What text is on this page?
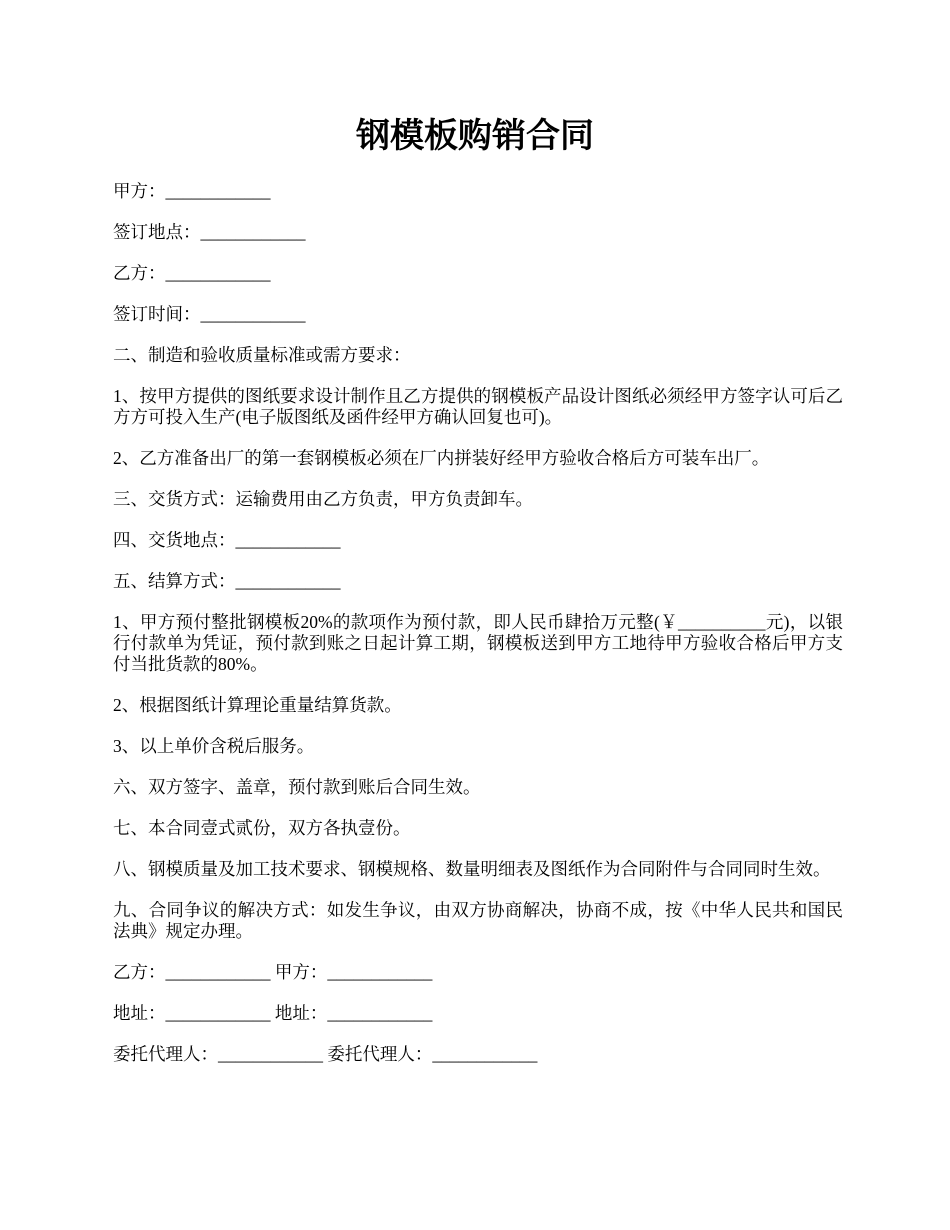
钢模板购销合同

甲方：____________

签订地点：____________

乙方：____________

签订时间：____________

二、制造和验收质量标准或需方要求：

1、按甲方提供的图纸要求设计制作且乙方提供的钢模板产品设计图纸必须经甲方签字认可后乙方方可投入生产(电子版图纸及函件经甲方确认回复也可)。

2、乙方准备出厂的第一套钢模板必须在厂内拼装好经甲方验收合格后方可装车出厂。

三、交货方式：运输费用由乙方负责，甲方负责卸车。

四、交货地点：____________

五、结算方式：____________

1、甲方预付整批钢模板20%的款项作为预付款，即人民币肆拾万元整(￥__________元)，以银行付款单为凭证，预付款到账之日起计算工期，钢模板送到甲方工地待甲方验收合格后甲方支付当批货款的80%。

2、根据图纸计算理论重量结算货款。

3、以上单价含税后服务。

六、双方签字、盖章，预付款到账后合同生效。

七、本合同壹式贰份，双方各执壹份。

八、钢模质量及加工技术要求、钢模规格、数量明细表及图纸作为合同附件与合同同时生效。

九、合同争议的解决方式：如发生争议，由双方协商解决，协商不成，按《中华人民共和国民法典》规定办理。

乙方：____________ 甲方：____________

地址：____________ 地址：____________

委托代理人：____________ 委托代理人：____________
